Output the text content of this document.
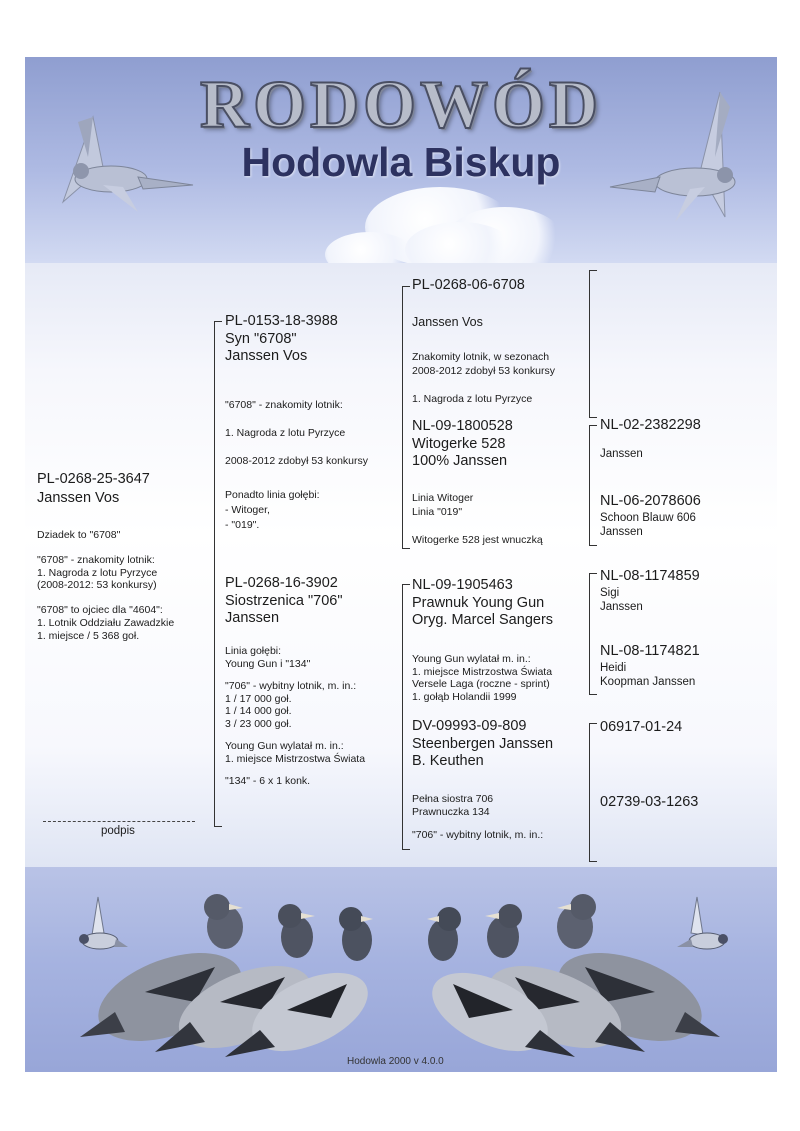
RODOWÓD
Hodowla Biskup
PL-0268-25-3647
Janssen Vos
Dziadek to "6708"
"6708" - znakomity lotnik:
1. Nagroda z lotu Pyrzyce
(2008-2012: 53 konkursy)
"6708" to ojciec dla "4604":
1. Lotnik Oddziału Zawadzkie
1. miejsce / 5 368 goł.
podpis
PL-0153-18-3988
Syn "6708"
Janssen Vos
"6708" - znakomity lotnik:
1. Nagroda z lotu Pyrzyce
2008-2012 zdobył 53 konkursy
Ponadto linia gołębi:
- Witoger,
- "019".
PL-0268-16-3902
Siostrzenica "706"
Janssen
Linia gołębi:
Young Gun i "134"
"706" - wybitny lotnik, m. in.:
1 / 17 000 goł.
1 / 14 000 goł.
3 / 23 000 goł.
Young Gun wylatał m. in.:
1. miejsce Mistrzostwa Świata
"134" - 6 x 1 konk.
PL-0268-06-6708
Janssen Vos
Znakomity lotnik, w sezonach
2008-2012 zdobył 53 konkursy
1. Nagroda z lotu Pyrzyce
NL-09-1800528
Witogerke 528
100% Janssen
Linia Witoger
Linia "019"
Witogerke 528 jest wnuczką
NL-09-1905463
Prawnuk Young Gun
Oryg. Marcel Sangers
Young Gun wylatał m. in.:
1. miejsce Mistrzostwa Świata
Versele Laga (roczne - sprint)
1. gołąb Holandii 1999
DV-09993-09-809
Steenbergen Janssen
B. Keuthen
Pełna siostra 706
Prawnuczka 134
"706" - wybitny lotnik, m. in.:
NL-02-2382298
Janssen
NL-06-2078606
Schoon Blauw 606
Janssen
NL-08-1174859
Sigi
Janssen
NL-08-1174821
Heidi
Koopman Janssen
06917-01-24
02739-03-1263
Hodowla 2000 v 4.0.0
